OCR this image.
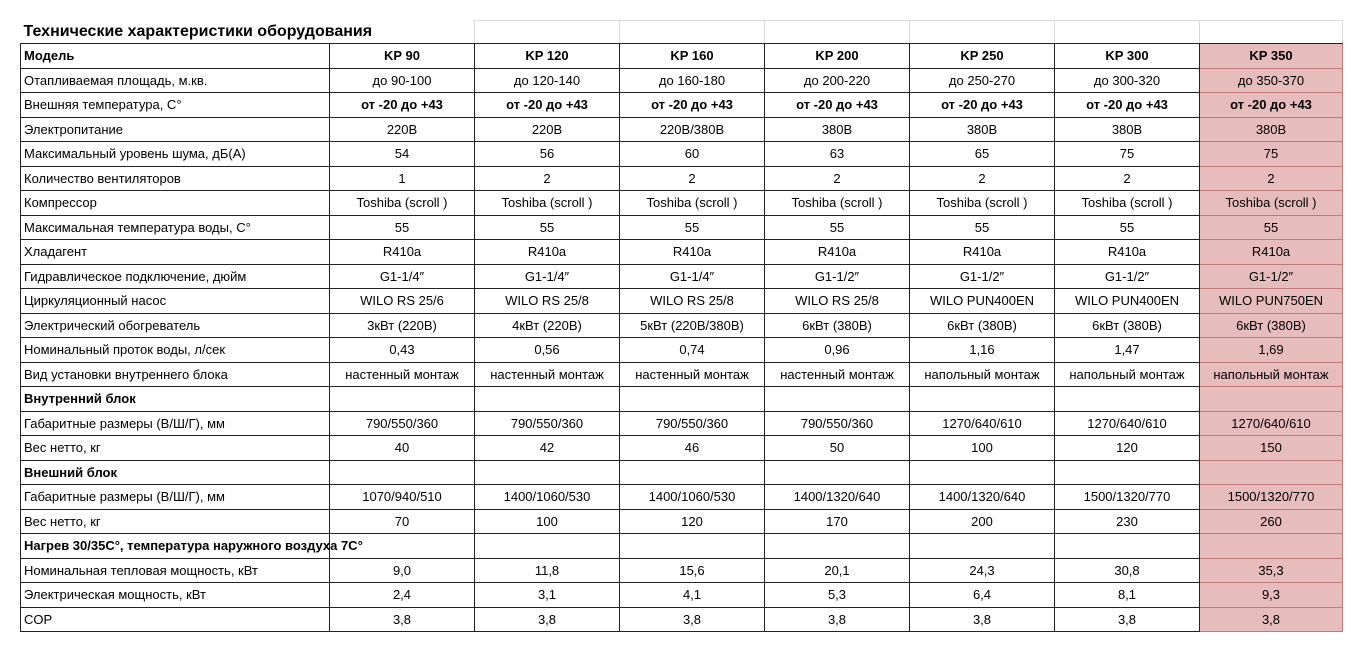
Технические характеристики оборудования							
Модель	KP 90	KP 120	KP 160	KP 200	KP 250	KP 300	KP 350
Отапливаемая площадь, м.кв.	до 90-100	до 120-140	до 160-180	до 200-220	до 250-270	до 300-320	до 350-370
Внешняя температура, С°	от -20 до +43	от -20 до +43	от -20 до +43	от -20 до +43	от -20 до +43	от -20 до +43	от -20 до +43
Электропитание	220В	220В	220В/380В	380В	380В	380В	380В
Максимальный уровень шума, дБ(А)	54	56	60	63	65	75	75
Количество вентиляторов	1	2	2	2	2	2	2
Компрессор	Toshiba (scroll )	Toshiba (scroll )	Toshiba (scroll )	Toshiba (scroll )	Toshiba (scroll )	Toshiba (scroll )	Toshiba (scroll )
Максимальная температура воды, С°	55	55	55	55	55	55	55
Хладагент	R410a	R410a	R410a	R410a	R410a	R410a	R410a
Гидравлическое подключение, дюйм	G1-1/4″	G1-1/4″	G1-1/4″	G1-1/2″	G1-1/2″	G1-1/2″	G1-1/2″
Циркуляционный насос	WILO RS 25/6	WILO RS 25/8	WILO RS 25/8	WILO RS 25/8	WILO PUN400EN	WILO PUN400EN	WILO PUN750EN
Электрический обогреватель	3кВт (220В)	4кВт (220В)	5кВт (220В/380В)	6кВт (380В)	6кВт (380В)	6кВт (380В)	6кВт (380В)
Номинальный проток воды, л/сек	0,43	0,56	0,74	0,96	1,16	1,47	1,69
Вид установки внутреннего блока	настенный монтаж	настенный монтаж	настенный монтаж	настенный монтаж	напольный монтаж	напольный монтаж	напольный монтаж
Внутренний блок							
Габаритные размеры (В/Ш/Г), мм	790/550/360	790/550/360	790/550/360	790/550/360	1270/640/610	1270/640/610	1270/640/610
Вес нетто, кг	40	42	46	50	100	120	150
Внешний блок							
Габаритные размеры (В/Ш/Г), мм	1070/940/510	1400/1060/530	1400/1060/530	1400/1320/640	1400/1320/640	1500/1320/770	1500/1320/770
Вес нетто, кг	70	100	120	170	200	230	260
Нагрев 30/35С°, температура наружного воздуха 7С°							
Номинальная тепловая мощность, кВт	9,0	11,8	15,6	20,1	24,3	30,8	35,3
Электрическая мощность, кВт	2,4	3,1	4,1	5,3	6,4	8,1	9,3
COP	3,8	3,8	3,8	3,8	3,8	3,8	3,8
